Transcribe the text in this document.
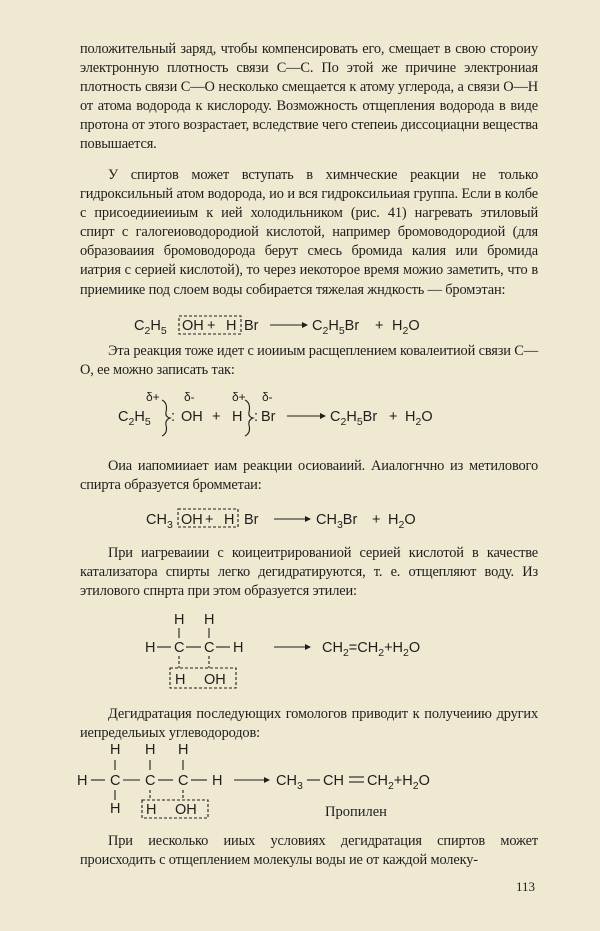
положительный заряд, чтобы компенсировать его, смещает в свою стороиу электронную плотность связи С—С. По этой же причине электрониая плотность связи С—О несколько смещается к атому углерода, а связи О—Н от атома водорода к кислороду. Возможность отщепления водорода в виде протона от этого возрастает, вследствие чего степеиь диссоциацни вещества повышается.

У спиртов может вступать в химнческие реакции не только гидроксильный атом водорода, ио и вся гидроксильиая группа. Если в колбе с присоедииеииым к ией холодильником (рис. 41) нагревать этиловый спирт с галогеиоводородиой кислотой, например бромоводородиой (для образоваиия бромоводорода берут смесь бромида калия или бромида иатрия с серией кислотой), то через иекоторое время можио заметить, что в приемиике под слоем воды собирается тяжелая жндкость — бромэтан:

$C_2H_5$ OH + H Br	$C_2H_5Br + H_2O$
δ+ δ-	δ+ δ-
$C_2H_5$ : OH + H : Br	$C_2H_5Br + H_2O$
$CH_3$ OH + H Br	$CH_3Br + H_2O$
H H
H C C H
H OH
$CH_2=CH_2+H_2O$
H H H
H C C C H
H H OH
$CH_3$ CH $CH_2+H_2O$
Пропилен

Эта реакция тоже идет с иоииым расщеплением ковалеитиой связи С—О, ее можно записать так:

Оиа иапомииает иам реакции осиоваиий. Аиалогнчно из метилового спирта образуется бромметаи:

При иагреваиии с коицеитрированиой серией кислотой в качестве катализатора спирты легко дегидратируются, т. е. отщепляют воду. Из этилового спнрта при этом образуется этилеи:

Дегидратация последующих гомологов приводит к получеиию других иепредельиых углеводородов:

При иесколько ииых условиях дегидратация спиртов может происходить с отщеплением молекулы воды ие от каждой молеку-

113
